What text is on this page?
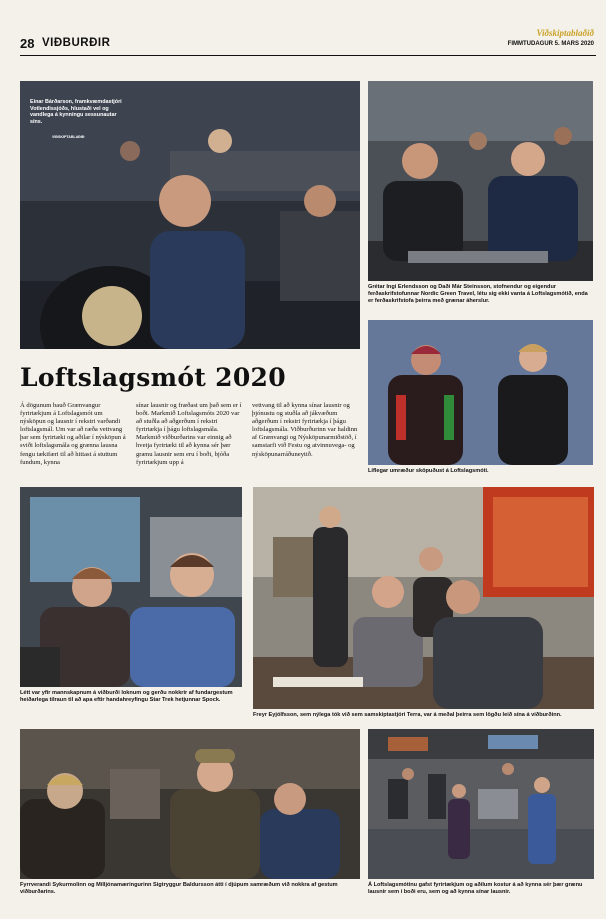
28 VIÐBURÐIR
Viðskiptablaðið
FIMMTUDAGUR 5. MARS 2020
Einar Bárðarson, framkvæmdastjóri Votlendissjóðs, hlustaði vel og vandlega á kynningu sessunautar síns.
VIÐSKIPTABLAÐIÐ
Grétar Ingi Erlendsson og Daði Már Steinsson, stofnendur og eigendur ferðaskrifstofunnar Nordic Green Travel, létu sig ekki vanta á Loftslagsmótið, enda er ferðaskrifstofa þeirra með grænar áherslur.
Loftslagsmót 2020
Á dögunum bauð Grænvangur fyrirtækjum á Loftslagsmót um nýsköpun og lausnir í rekstri varðandi loftslagsmál. Um var að ræða vettvang þar sem fyrirtæki og aðilar í nýsköpun á sviði loftslagsmála og grænna lausna fengu tækifæri til að hittast á stuttum fundum, kynna
sínar lausnir og fræðast um það sem er í boði. Markmið Loftslagsmóts 2020 var að stuðla að aðgerðum í rekstri fyrirtækja í þágu loftslagsmála. Markmið viðburðarins var einnig að hvetja fyrirtæki til að kynna sér þær grænu lausnir sem eru í boði, bjóða fyrirtækjum upp á
vettvang til að kynna sínar lausnir og þjónustu og stuðla að jákvæðum aðgerðum í rekstri fyrirtækja í þágu loftslagsmála. Viðburðurinn var haldinn af Grænvangi og Nýsköpunarmiðstöð, í samstarfi við Festu og atvinnuvega- og nýsköpunarráðuneytið.
Líflegar umræður sköpuðust á Loftslagsmóti.
Létt var yfir mannskapnum á viðburði loknum og gerðu nokkrir af fundargestum heiðarlega tilraun til að apa eftir handahreyfingu Star Trek hetjunnar Spock.
Freyr Eyjólfsson, sem nýlega tók við sem samskiptastjóri Terra, var á meðal þeirra sem lögðu leið sína á viðburðinn.
Fyrrverandi Sykurmolinn og Milljónamæringurinn Sigtryggur Baldursson átti í djúpum samræðum við nokkra af gestum viðburðarins.
Á Loftslagsmótinu gafst fyrirtækjum og aðilum kostur á að kynna sér þær grænu lausnir sem í boði eru, sem og að kynna sínar lausnir.
